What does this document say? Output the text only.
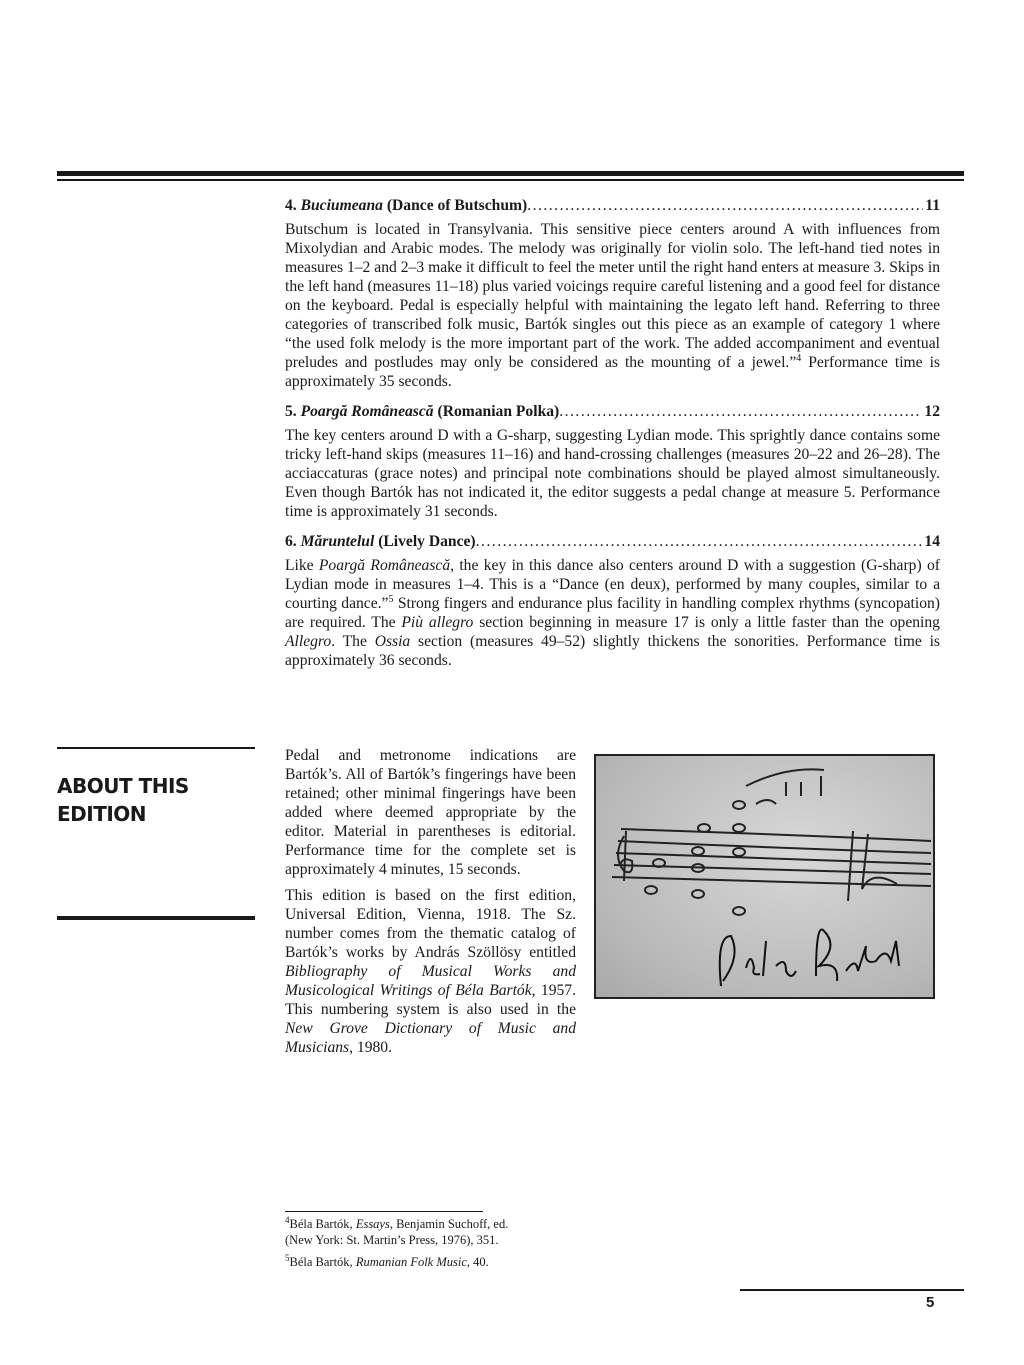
4. Buciumeana (Dance of Butschum) .....	11

Butschum is located in Transylvania. This sensitive piece centers around A with influences from Mixolydian and Arabic modes. The melody was originally for violin solo. The left-hand tied notes in measures 1–2 and 2–3 make it difficult to feel the meter until the right hand enters at measure 3. Skips in the left hand (measures 11–18) plus varied voicings require careful listening and a good feel for distance on the keyboard. Pedal is especially helpful with maintaining the legato left hand. Referring to three categories of transcribed folk music, Bartók singles out this piece as an example of category 1 where “the used folk melody is the more important part of the work. The added accompaniment and eventual preludes and postludes may only be considered as the mounting of a jewel.”$^4$ Performance time is approximately 35 seconds.

5. Poargă Românească (Romanian Polka) .....	12

The key centers around D with a G-sharp, suggesting Lydian mode. This sprightly dance contains some tricky left-hand skips (measures 11–16) and hand-crossing challenges (measures 20–22 and 26–28). The acciaccaturas (grace notes) and principal note combinations should be played almost simultaneously. Even though Bartók has not indicated it, the editor suggests a pedal change at measure 5. Performance time is approximately 31 seconds.

6. Măruntelul (Lively Dance) .....	14

Like Poargă Românească, the key in this dance also centers around D with a suggestion (G-sharp) of Lydian mode in measures 1–4. This is a “Dance (en deux), performed by many couples, similar to a courting dance.”$^5$ Strong fingers and endurance plus facility in handling complex rhythms (syncopation) are required. The Più allegro section beginning in measure 17 is only a little faster than the opening Allegro. The Ossia section (measures 49–52) slightly thickens the sonorities. Performance time is approximately 36 seconds.

ABOUT THIS
EDITION

Pedal and metronome indications are Bartók’s. All of Bartók’s fingerings have been retained; other minimal fingerings have been added where deemed appropriate by the editor. Material in parentheses is editorial. Performance time for the complete set is approximately 4 minutes, 15 seconds.

This edition is based on the first edition, Universal Edition, Vienna, 1918. The Sz. number comes from the thematic catalog of Bartók’s works by András Szöllösy entitled Bibliography of Musical Works and Musicological Writings of Béla Bartók, 1957. This numbering system is also used in the New Grove Dictionary of Music and Musicians, 1980.

$^4$Béla Bartók, Essays, Benjamin Suchoff, ed.
(New York: St. Martin’s Press, 1976), 351.
$^5$Béla Bartók, Rumanian Folk Music, 40.
5
